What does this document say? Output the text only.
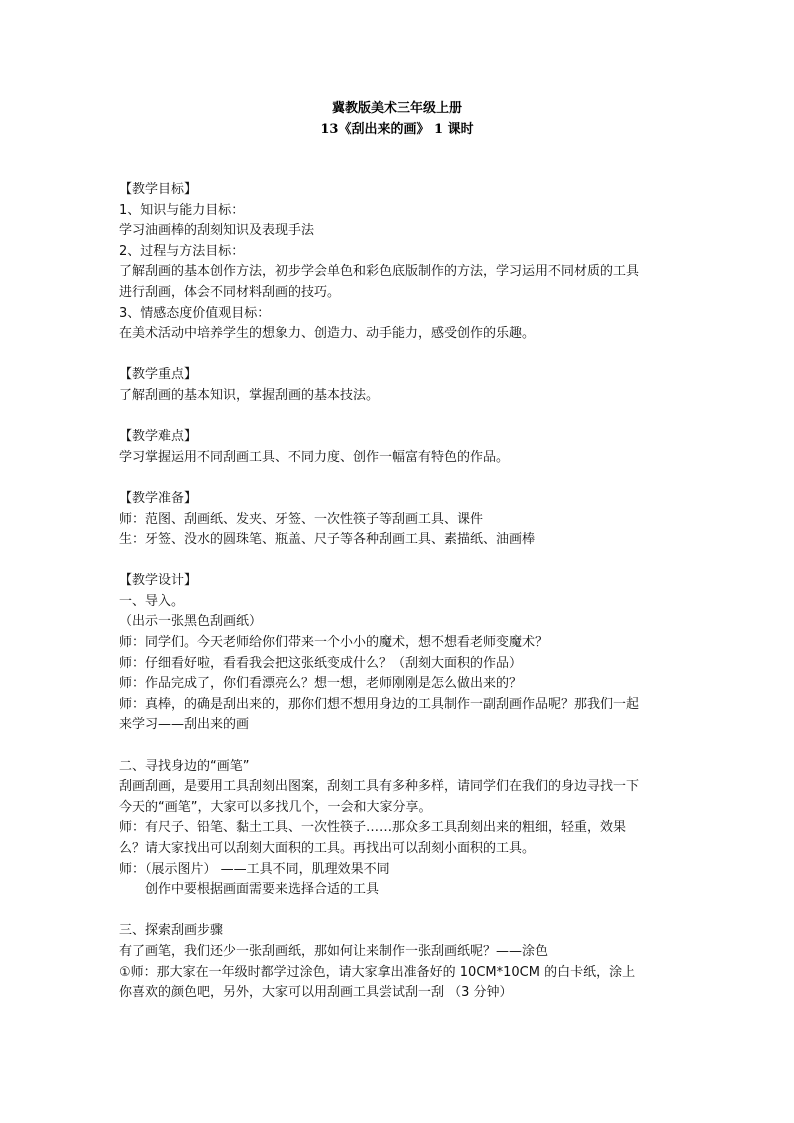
冀教版美术三年级上册
13《刮出来的画》 1 课时
【教学目标】
1、知识与能力目标：
学习油画棒的刮刻知识及表现手法
2、过程与方法目标：
了解刮画的基本创作方法，初步学会单色和彩色底版制作的方法，学习运用不同材质的工具
进行刮画，体会不同材料刮画的技巧。
3、情感态度价值观目标：
在美术活动中培养学生的想象力、创造力、动手能力，感受创作的乐趣。
【教学重点】
了解刮画的基本知识，掌握刮画的基本技法。
【教学难点】
学习掌握运用不同刮画工具、不同力度、创作一幅富有特色的作品。
【教学准备】
师：范图、刮画纸、发夹、牙签、一次性筷子等刮画工具、课件
生：牙签、没水的圆珠笔、瓶盖、尺子等各种刮画工具、素描纸、油画棒
【教学设计】
一、导入。
（出示一张黑色刮画纸）
师：同学们。今天老师给你们带来一个小小的魔术，想不想看老师变魔术？
师：仔细看好啦，看看我会把这张纸变成什么？（刮刻大面积的作品）
师：作品完成了，你们看漂亮么？想一想，老师刚刚是怎么做出来的？
师：真棒，的确是刮出来的，那你们想不想用身边的工具制作一副刮画作品呢？那我们一起
来学习——刮出来的画
二、寻找身边的“画笔”
刮画刮画，是要用工具刮刻出图案，刮刻工具有多种多样，请同学们在我们的身边寻找一下
今天的“画笔”，大家可以多找几个，一会和大家分享。
师：有尺子、铅笔、黏土工具、一次性筷子……那众多工具刮刻出来的粗细，轻重，效果
么？请大家找出可以刮刻大面积的工具。再找出可以刮刻小面积的工具。
师：（展示图片） ——工具不同，肌理效果不同
创作中要根据画面需要来选择合适的工具
三、探索刮画步骤
有了画笔，我们还少一张刮画纸，那如何让来制作一张刮画纸呢？——涂色
①师：那大家在一年级时都学过涂色，请大家拿出准备好的 10CM*10CM 的白卡纸，涂上
你喜欢的颜色吧，另外，大家可以用刮画工具尝试刮一刮 （3 分钟）
